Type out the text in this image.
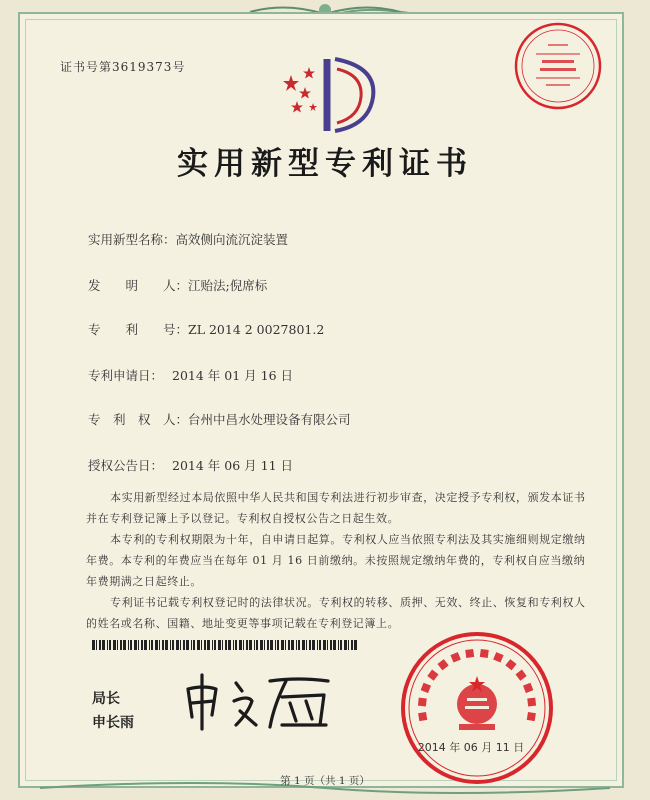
证书号第3619373号
实用新型专利证书
实用新型名称：高效侧向流沉淀装置
发　　明　　人：江贻法;倪席标
专　　利　　号：ZL 2014 2 0027801.2
专利申请日： 2014 年 01 月 16 日
专　利　权　人：台州中昌水处理设备有限公司
授权公告日： 2014 年 06 月 11 日

本实用新型经过本局依照中华人民共和国专利法进行初步审查，决定授予专利权，颁发本证书并在专利登记簿上予以登记。专利权自授权公告之日起生效。

本专利的专利权期限为十年，自申请日起算。专利权人应当依照专利法及其实施细则规定缴纳年费。本专利的年费应当在每年 01 月 16 日前缴纳。未按照规定缴纳年费的，专利权自应当缴纳年费期满之日起终止。

专利证书记载专利权登记时的法律状况。专利权的转移、质押、无效、终止、恢复和专利权人的姓名或名称、国籍、地址变更等事项记载在专利登记簿上。

局长
申长雨
2014 年 06 月 11 日
第 1 页（共 1 页）
